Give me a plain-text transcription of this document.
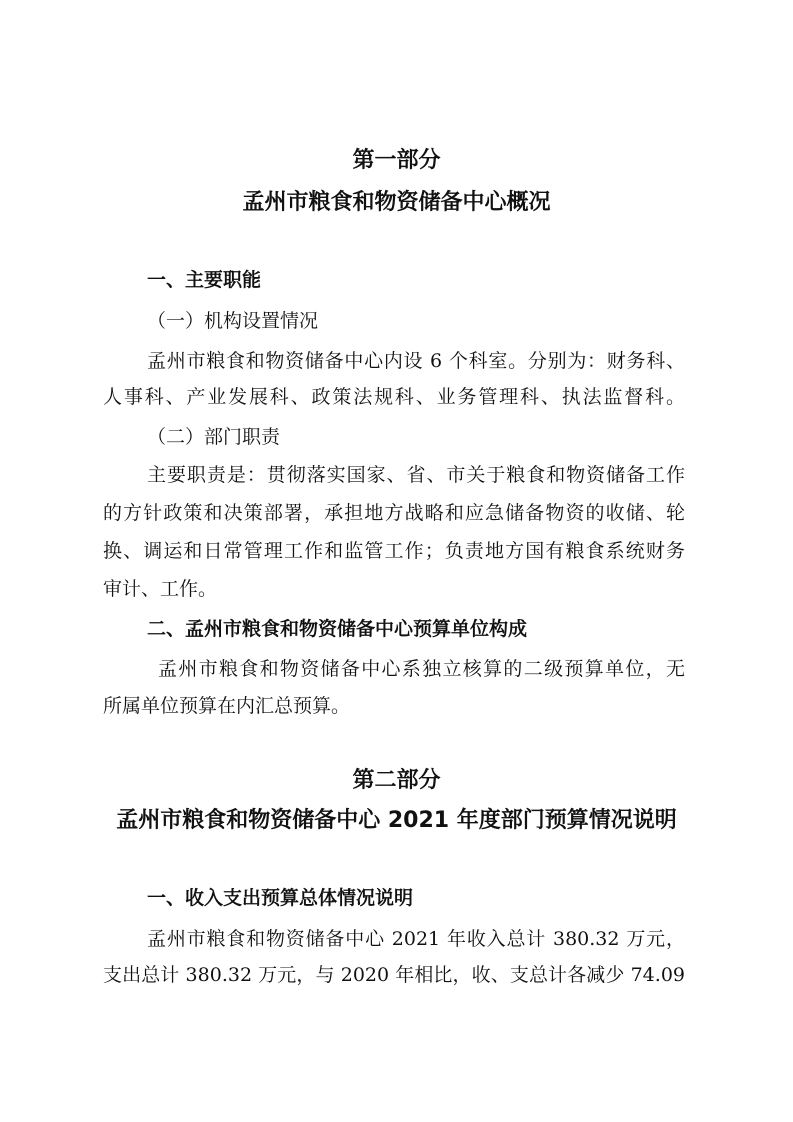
第一部分
孟州市粮食和物资储备中心概况
一、主要职能
（一）机构设置情况
孟州市粮食和物资储备中心内设 6 个科室。分别为：财务科、
人事科、产业发展科、政策法规科、业务管理科、执法监督科。
（二）部门职责
主要职责是：贯彻落实国家、省、市关于粮食和物资储备工作
的方针政策和决策部署，承担地方战略和应急储备物资的收储、轮
换、调运和日常管理工作和监管工作；负责地方国有粮食系统财务
审计、工作。
二、孟州市粮食和物资储备中心预算单位构成
孟州市粮食和物资储备中心系独立核算的二级预算单位，无
所属单位预算在内汇总预算。
第二部分
孟州市粮食和物资储备中心 2021 年度部门预算情况说明
一、收入支出预算总体情况说明
孟州市粮食和物资储备中心 2021 年收入总计 380.32 万元，
支出总计 380.32 万元，与 2020 年相比，收、支总计各减少 74.09
